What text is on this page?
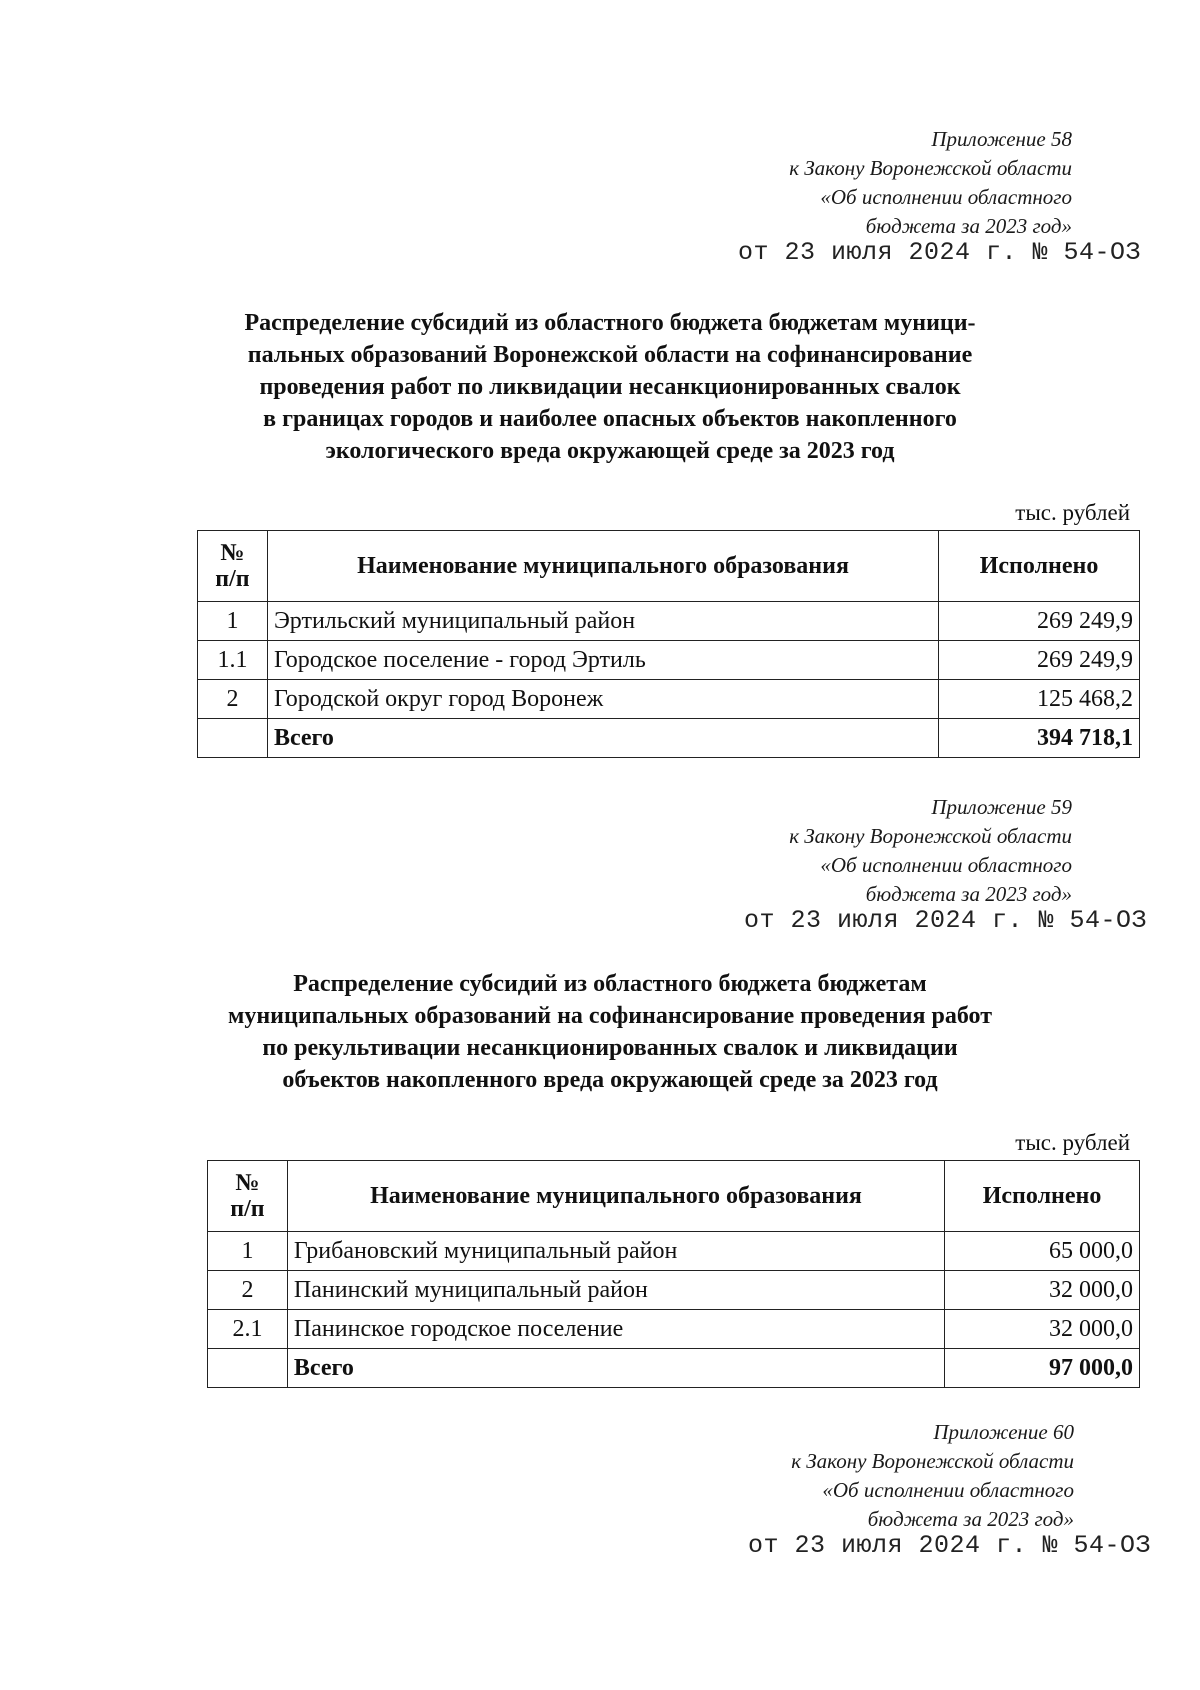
Приложение 58
к Закону Воронежской области
«Об исполнении областного
бюджета за 2023 год»
от 23 июля 2024 г. № 54-ОЗ
Распределение субсидий из областного бюджета бюджетам муници-
пальных образований Воронежской области на софинансирование
проведения работ по ликвидации несанкционированных свалок
в границах городов и наиболее опасных объектов накопленного
экологического вреда окружающей среде за 2023 год
тыс. рублей
№
п/п	Наименование муниципального образования	Исполнено
1	Эртильский муниципальный район	269 249,9
1.1	Городское поселение - город Эртиль	269 249,9
2	Городской округ город Воронеж	125 468,2
	Всего	394 718,1
Приложение 59
к Закону Воронежской области
«Об исполнении областного
бюджета за 2023 год»
от 23 июля 2024 г. № 54-ОЗ
Распределение субсидий из областного бюджета бюджетам
муниципальных образований на софинансирование проведения работ
по рекультивации несанкционированных свалок и ликвидации
объектов накопленного вреда окружающей среде за 2023 год
тыс. рублей
№
п/п	Наименование муниципального образования	Исполнено
1	Грибановский муниципальный район	65 000,0
2	Панинский муниципальный район	32 000,0
2.1	Панинское городское поселение	32 000,0
	Всего	97 000,0
Приложение 60
к Закону Воронежской области
«Об исполнении областного
бюджета за 2023 год»
от 23 июля 2024 г. № 54-ОЗ
